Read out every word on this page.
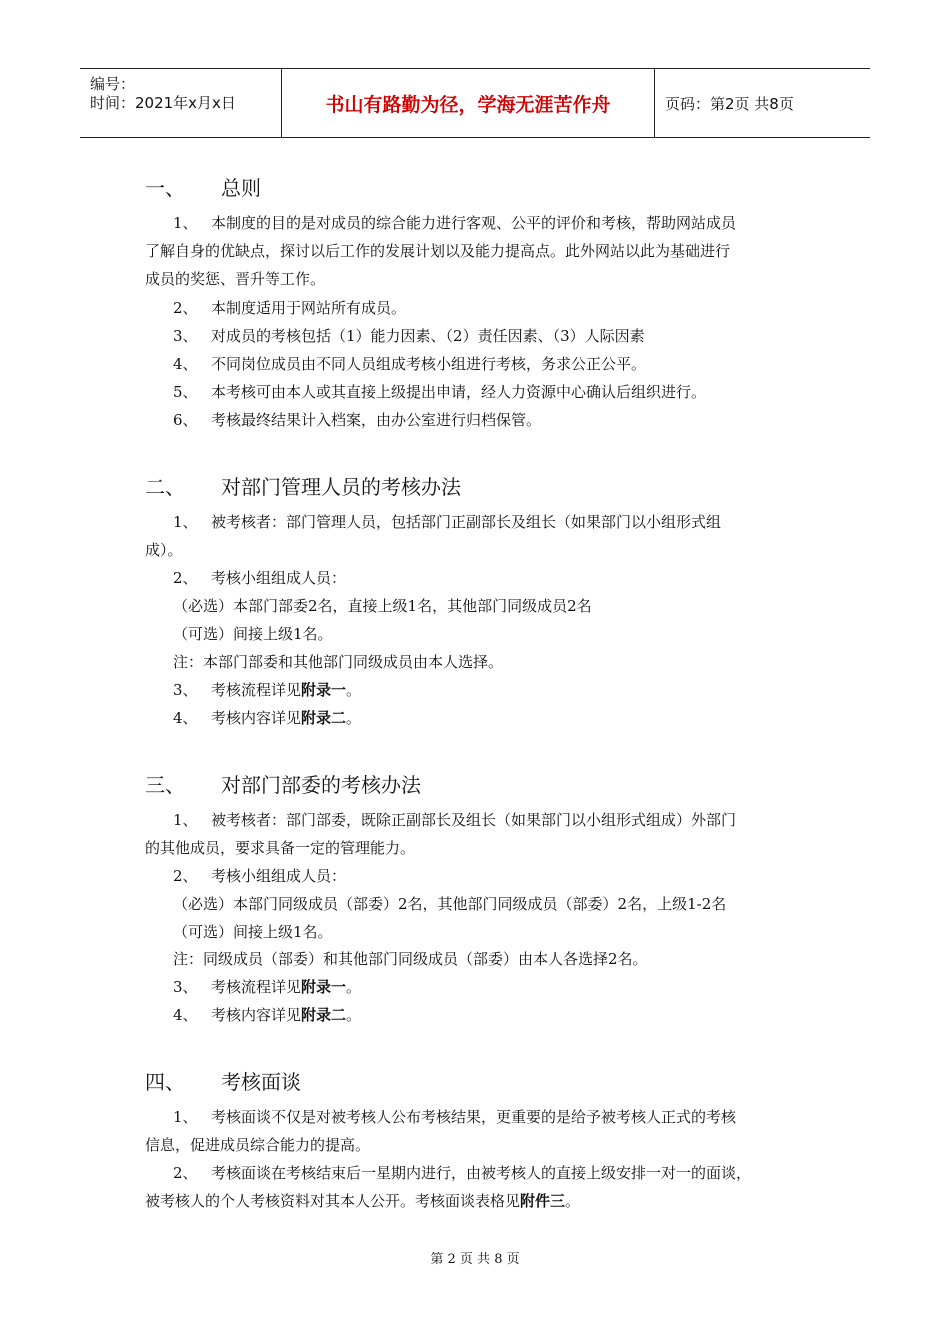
编号：
时间：2021年x月x日	书山有路勤为径，学海无涯苦作舟	页码：第2页 共8页
一、 总则
1、 本制度的目的是对成员的综合能力进行客观、公平的评价和考核，帮助网站成员
了解自身的优缺点，探讨以后工作的发展计划以及能力提高点。此外网站以此为基础进行
成员的奖惩、晋升等工作。
2、 本制度适用于网站所有成员。
3、 对成员的考核包括（1）能力因素、（2）责任因素、（3）人际因素
4、 不同岗位成员由不同人员组成考核小组进行考核，务求公正公平。
5、 本考核可由本人或其直接上级提出申请，经人力资源中心确认后组织进行。
6、 考核最终结果计入档案，由办公室进行归档保管。
二、 对部门管理人员的考核办法
1、 被考核者：部门管理人员，包括部门正副部长及组长（如果部门以小组形式组
成）。
2、 考核小组组成人员：
（必选）本部门部委2名，直接上级1名，其他部门同级成员2名
（可选）间接上级1名。
注：本部门部委和其他部门同级成员由本人选择。
3、 考核流程详见附录一。
4、 考核内容详见附录二。
三、 对部门部委的考核办法
1、 被考核者：部门部委，既除正副部长及组长（如果部门以小组形式组成）外部门
的其他成员，要求具备一定的管理能力。
2、 考核小组组成人员：
（必选）本部门同级成员（部委）2名，其他部门同级成员（部委）2名，上级1-2名
（可选）间接上级1名。
注：同级成员（部委）和其他部门同级成员（部委）由本人各选择2名。
3、 考核流程详见附录一。
4、 考核内容详见附录二。
四、 考核面谈
1、 考核面谈不仅是对被考核人公布考核结果，更重要的是给予被考核人正式的考核
信息，促进成员综合能力的提高。
2、 考核面谈在考核结束后一星期内进行，由被考核人的直接上级安排一对一的面谈，
被考核人的个人考核资料对其本人公开。考核面谈表格见附件三。
第 2 页 共 8 页
